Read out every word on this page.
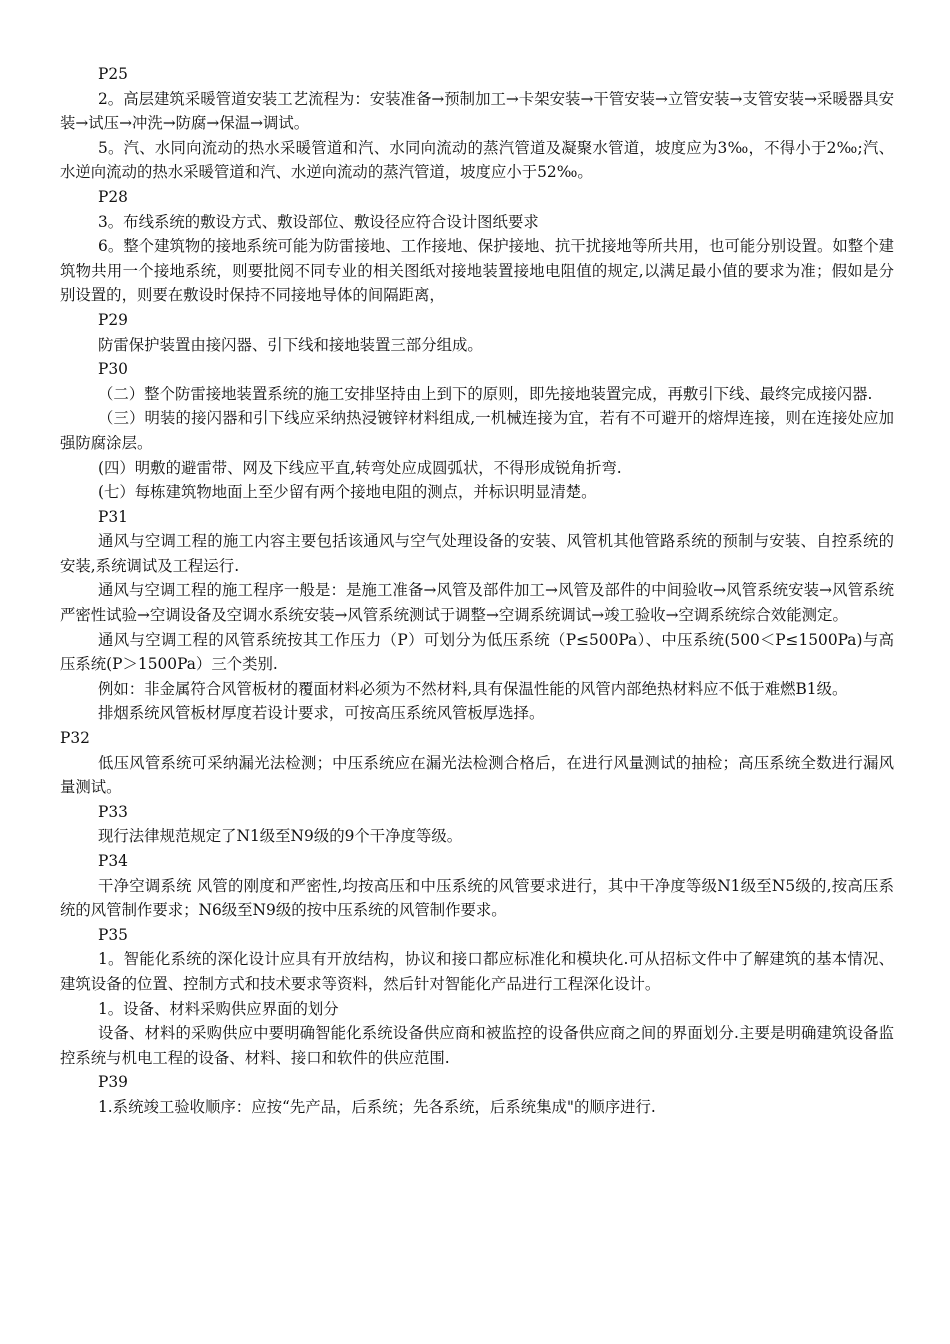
P25

2。高层建筑采暖管道安装工艺流程为：安装准备→预制加工→卡架安装→干管安装→立管安装→支管安装→采暖器具安装→试压→冲洗→防腐→保温→调试。

5。汽、水同向流动的热水采暖管道和汽、水同向流动的蒸汽管道及凝聚水管道，坡度应为3‰，不得小于2‰;汽、水逆向流动的热水采暖管道和汽、水逆向流动的蒸汽管道，坡度应小于52‰。

P28

3。布线系统的敷设方式、敷设部位、敷设径应符合设计图纸要求

6。整个建筑物的接地系统可能为防雷接地、工作接地、保护接地、抗干扰接地等所共用，也可能分别设置。如整个建筑物共用一个接地系统，则要批阅不同专业的相关图纸对接地装置接地电阻值的规定,以满足最小值的要求为准；假如是分别设置的，则要在敷设时保持不同接地导体的间隔距离，

P29

防雷保护装置由接闪器、引下线和接地装置三部分组成。

P30

（二）整个防雷接地装置系统的施工安排坚持由上到下的原则，即先接地装置完成，再敷引下线、最终完成接闪器.

（三）明装的接闪器和引下线应采纳热浸镀锌材料组成,一机械连接为宜，若有不可避开的熔焊连接，则在连接处应加强防腐涂层。

(四）明敷的避雷带、网及下线应平直,转弯处应成圆弧状，不得形成锐角折弯.

(七）每栋建筑物地面上至少留有两个接地电阻的测点，并标识明显清楚。

P31

通风与空调工程的施工内容主要包括该通风与空气处理设备的安装、风管机其他管路系统的预制与安装、自控系统的安装,系统调试及工程运行.

通风与空调工程的施工程序一般是：是施工准备→风管及部件加工→风管及部件的中间验收→风管系统安装→风管系统严密性试验→空调设备及空调水系统安装→风管系统测试于调整→空调系统调试→竣工验收→空调系统综合效能测定。

通风与空调工程的风管系统按其工作压力（P）可划分为低压系统（P≤500Pa）、中压系统(500＜P≤1500Pa)与高压系统(P＞1500Pa）三个类别.

例如：非金属符合风管板材的覆面材料必须为不然材料,具有保温性能的风管内部绝热材料应不低于难燃B1级。

排烟系统风管板材厚度若设计要求，可按高压系统风管板厚选择。

P32

低压风管系统可采纳漏光法检测；中压系统应在漏光法检测合格后，在进行风量测试的抽检；高压系统全数进行漏风量测试。

P33

现行法律规范规定了N1级至N9级的9个干净度等级。

P34

干净空调系统 风管的刚度和严密性,均按高压和中压系统的风管要求进行，其中干净度等级N1级至N5级的,按高压系统的风管制作要求；N6级至N9级的按中压系统的风管制作要求。

P35

1。智能化系统的深化设计应具有开放结构，协议和接口都应标准化和模块化.可从招标文件中了解建筑的基本情况、建筑设备的位置、控制方式和技术要求等资料，然后针对智能化产品进行工程深化设计。

1。设备、材料采购供应界面的划分

设备、材料的采购供应中要明确智能化系统设备供应商和被监控的设备供应商之间的界面划分.主要是明确建筑设备监控系统与机电工程的设备、材料、接口和软件的供应范围.

P39

1.系统竣工验收顺序：应按“先产品，后系统；先各系统，后系统集成"的顺序进行.
